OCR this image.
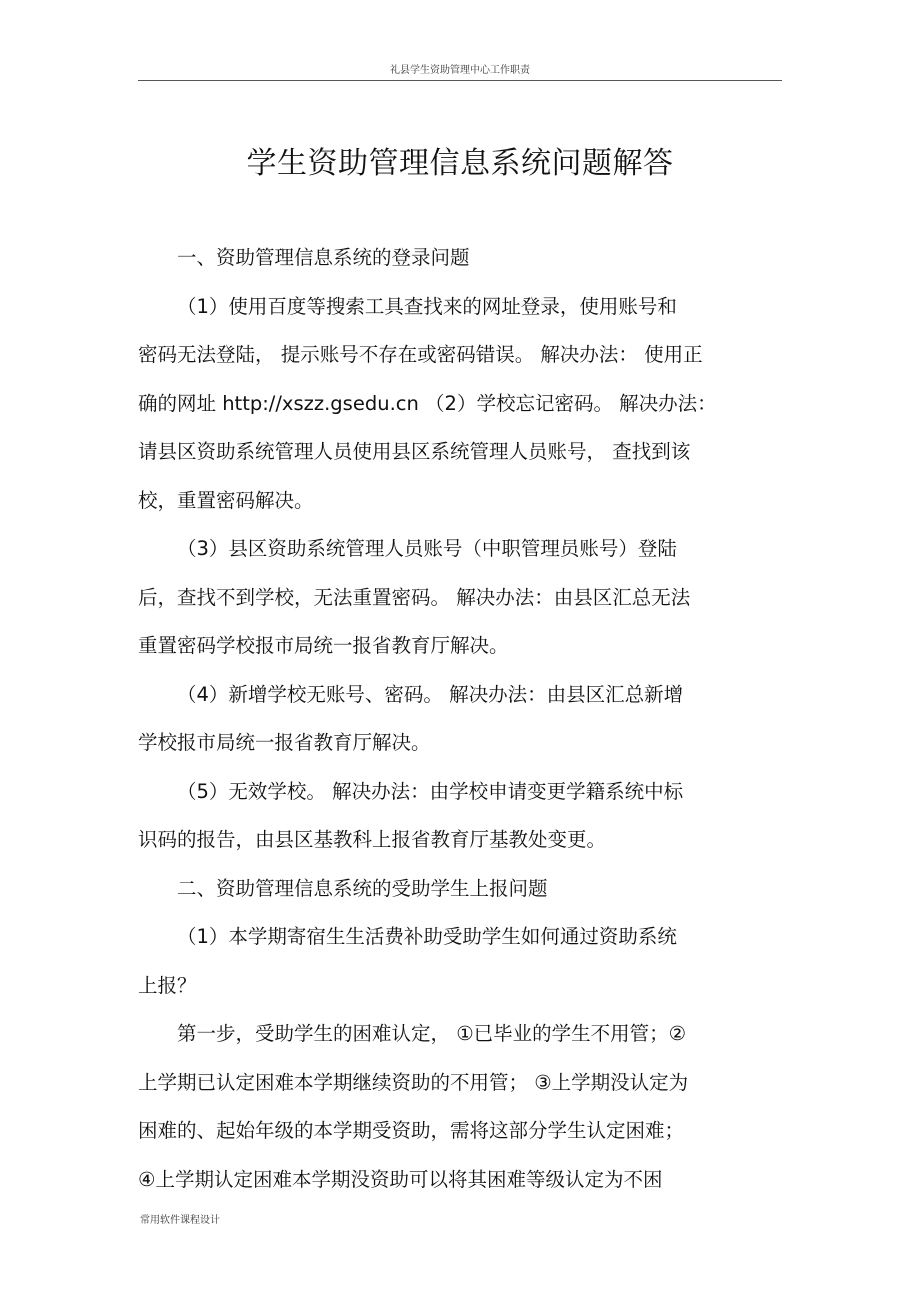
礼县学生资助管理中心工作职责
学生资助管理信息系统问题解答
一、资助管理信息系统的登录问题
（1）使用百度等搜索工具查找来的网址登录，使用账号和
密码无法登陆， 提示账号不存在或密码错误。 解决办法： 使用正
确的网址 http://xszz.gsedu.cn （2）学校忘记密码。 解决办法：
请县区资助系统管理人员使用县区系统管理人员账号， 查找到该
校，重置密码解决。
（3）县区资助系统管理人员账号（中职管理员账号）登陆
后，查找不到学校，无法重置密码。 解决办法：由县区汇总无法
重置密码学校报市局统一报省教育厅解决。
（4）新增学校无账号、密码。 解决办法：由县区汇总新增
学校报市局统一报省教育厅解决。
（5）无效学校。 解决办法：由学校申请变更学籍系统中标
识码的报告，由县区基教科上报省教育厅基教处变更。
二、资助管理信息系统的受助学生上报问题
（1）本学期寄宿生生活费补助受助学生如何通过资助系统
上报？
第一步，受助学生的困难认定， ①已毕业的学生不用管；②
上学期已认定困难本学期继续资助的不用管； ③上学期没认定为
困难的、起始年级的本学期受资助，需将这部分学生认定困难；
④上学期认定困难本学期没资助可以将其困难等级认定为不困
常用软件课程设计
